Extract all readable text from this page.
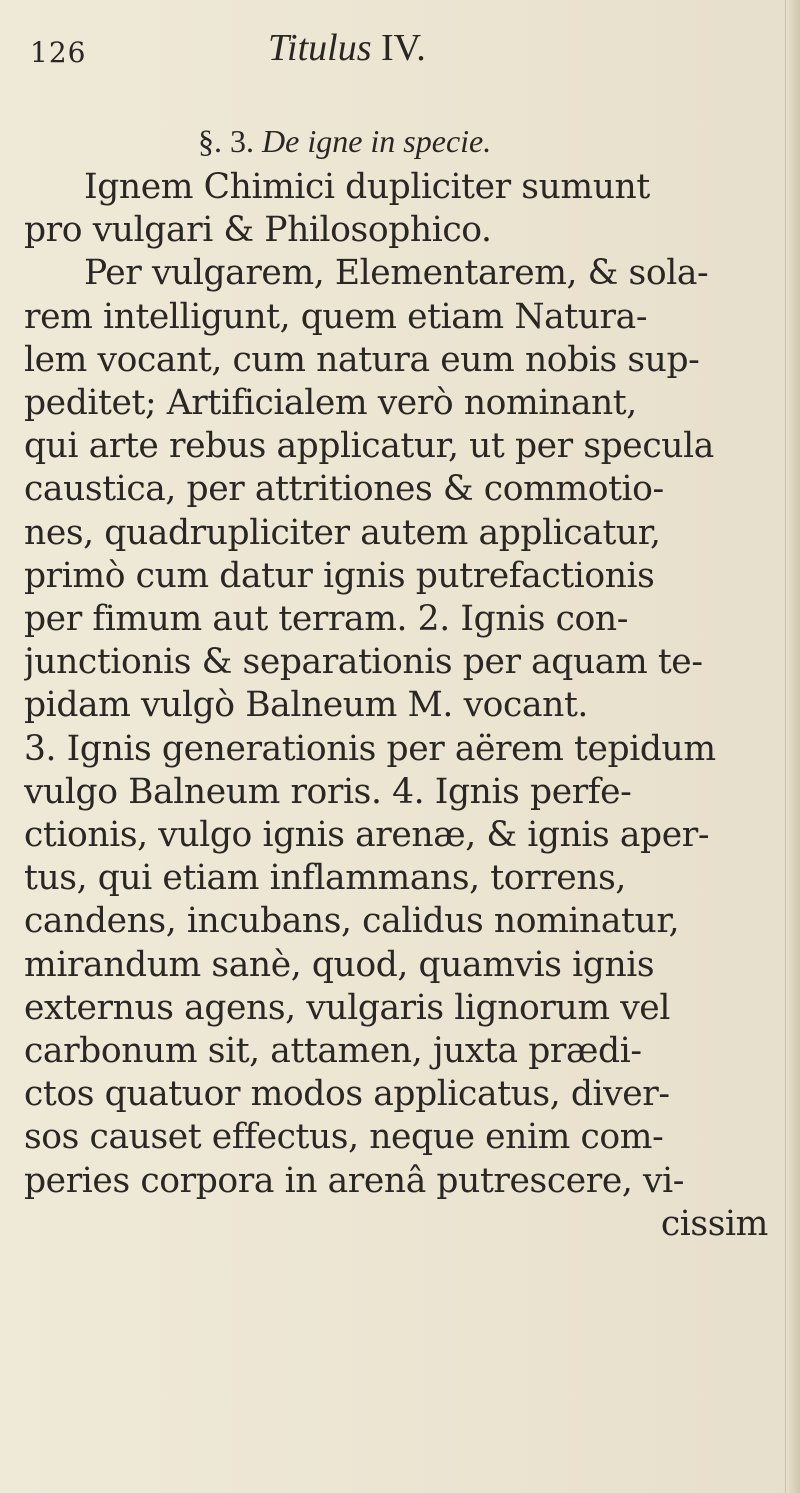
126	Titulus IV.
§. 3. De igne in specie.
Ignem Chimici dupliciter sumunt
pro vulgari & Philosophico.
Per vulgarem, Elementarem, & sola-
rem intelligunt, quem etiam Natura-
lem vocant, cum natura eum nobis sup-
peditet; Artificialem verò nominant,
qui arte rebus applicatur, ut per specula
caustica, per attritiones & commotio-
nes, quadrupliciter autem applicatur,
primò cum datur ignis putrefactionis
per fimum aut terram. 2. Ignis con-
junctionis & separationis per aquam te-
pidam vulgò Balneum M. vocant.
3. Ignis generationis per aërem tepidum
vulgo Balneum roris. 4. Ignis perfe-
ctionis, vulgo ignis arenæ, & ignis aper-
tus, qui etiam inflammans, torrens,
candens, incubans, calidus nominatur,
mirandum sanè, quod, quamvis ignis
externus agens, vulgaris lignorum vel
carbonum sit, attamen, juxta prædi-
ctos quatuor modos applicatus, diver-
sos causet effectus, neque enim com-
peries corpora in arenâ putrescere, vi-
cissim
